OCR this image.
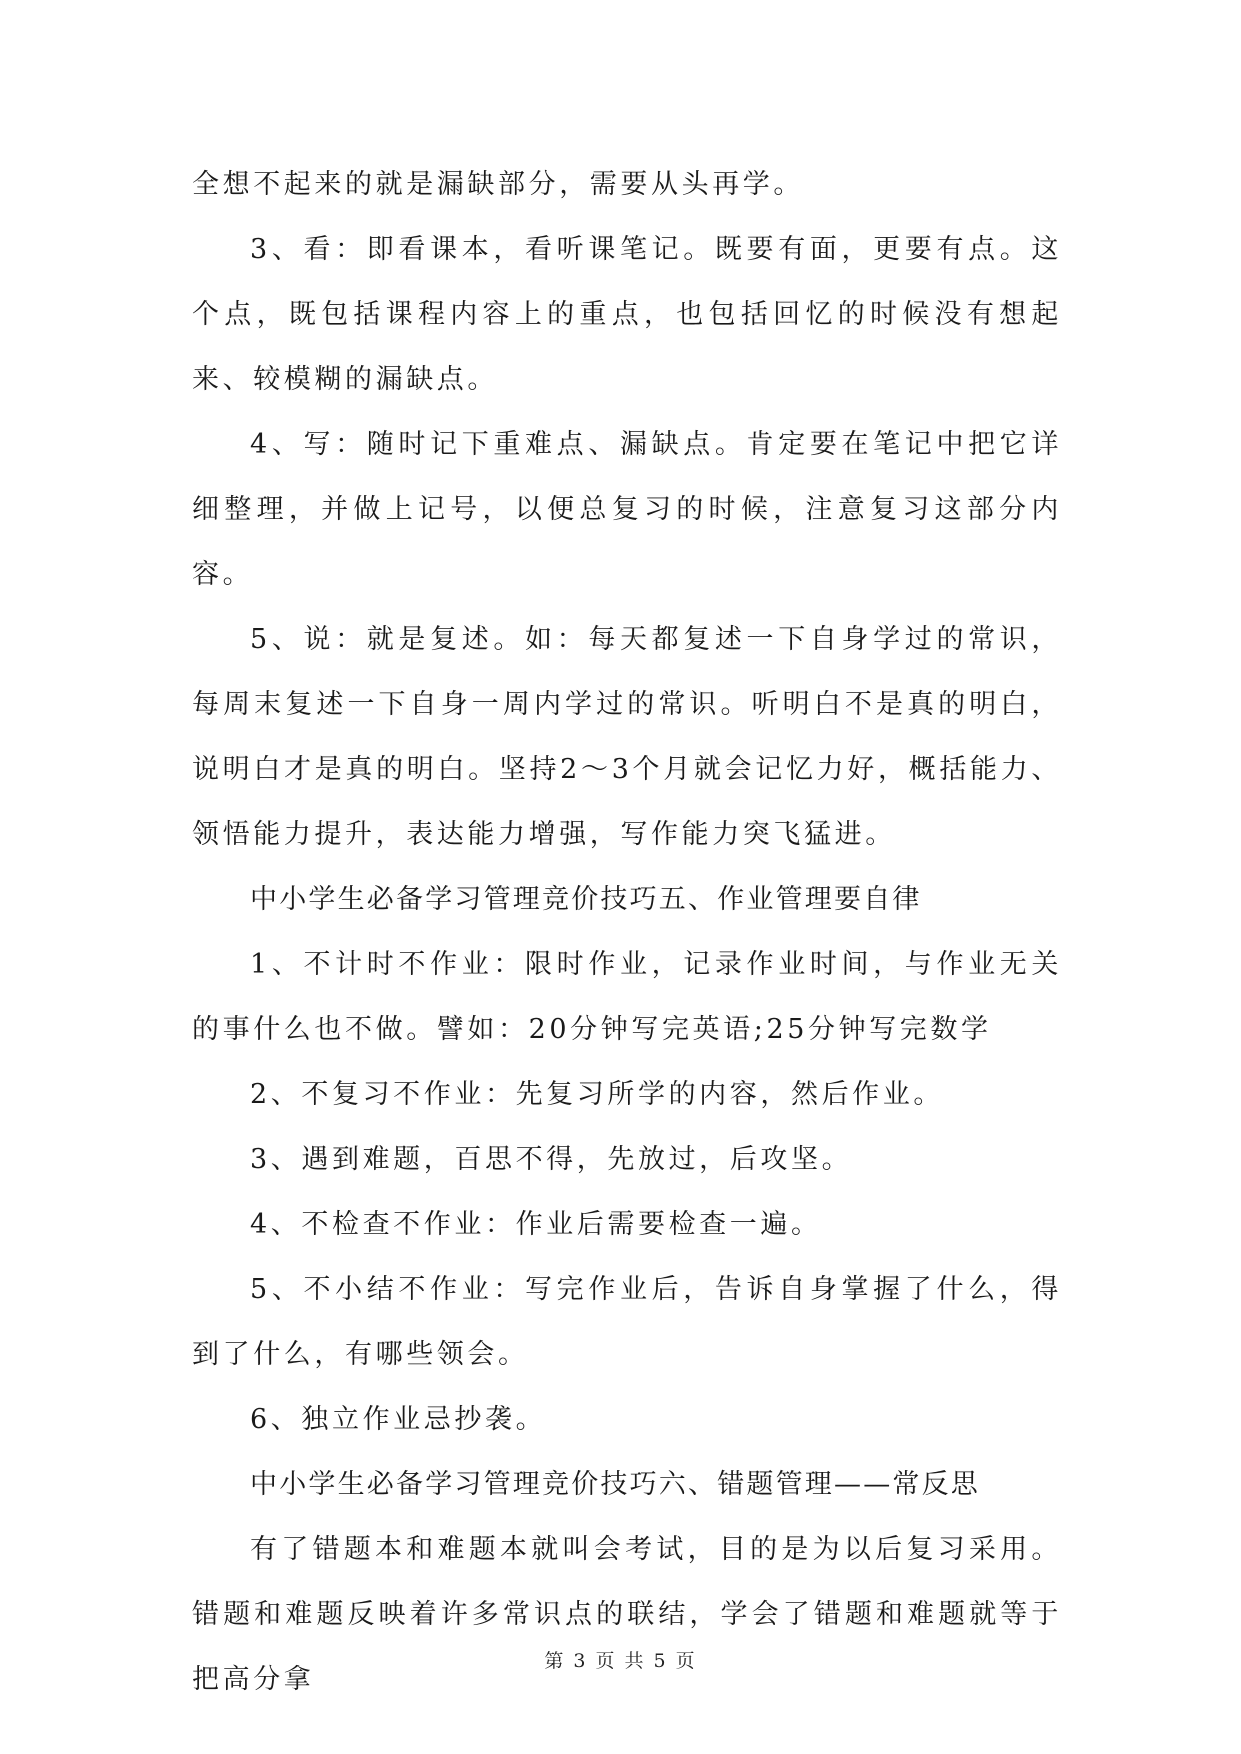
全想不起来的就是漏缺部分，需要从头再学。

3、看：即看课本，看听课笔记。既要有面，更要有点。这个点，既包括课程内容上的重点，也包括回忆的时候没有想起来、较模糊的漏缺点。

4、写：随时记下重难点、漏缺点。肯定要在笔记中把它详细整理，并做上记号，以便总复习的时候，注意复习这部分内容。

5、说：就是复述。如：每天都复述一下自身学过的常识，每周末复述一下自身一周内学过的常识。听明白不是真的明白，说明白才是真的明白。坚持2～3个月就会记忆力好，概括能力、领悟能力提升，表达能力增强，写作能力突飞猛进。

中小学生必备学习管理竞价技巧五、作业管理要自律

1、不计时不作业：限时作业，记录作业时间，与作业无关的事什么也不做。譬如：20分钟写完英语;25分钟写完数学

2、不复习不作业：先复习所学的内容，然后作业。

3、遇到难题，百思不得，先放过，后攻坚。

4、不检查不作业：作业后需要检查一遍。

5、不小结不作业：写完作业后，告诉自身掌握了什么，得到了什么，有哪些领会。

6、独立作业忌抄袭。

中小学生必备学习管理竞价技巧六、错题管理——常反思

有了错题本和难题本就叫会考试，目的是为以后复习采用。错题和难题反映着许多常识点的联结，学会了错题和难题就等于把高分拿

第 3 页 共 5 页
